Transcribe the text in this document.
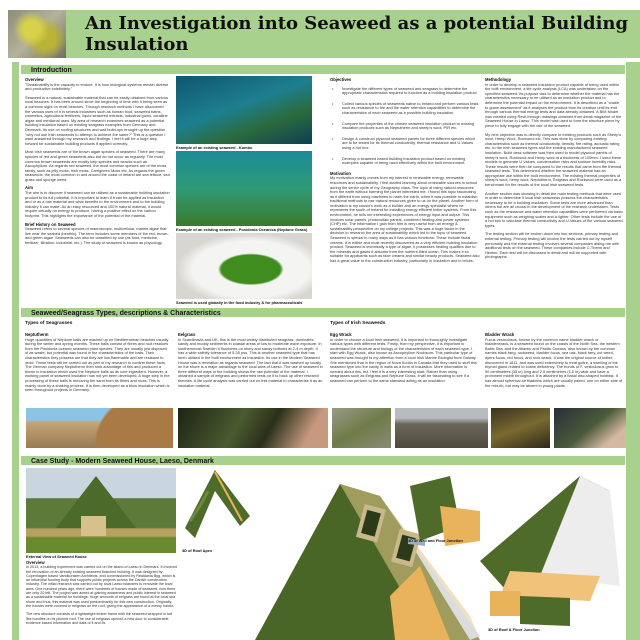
An Investigation into Seaweed as a potential Building Insulation
Introduction
Overview

"Sustainability is the capacity to endure. It is how biological systems remain diverse and productive indefinitely."

Seaweed is a natural, sustainable material that can be easily obtained from various local beaches. It has been around since the beginning of time with it being seen as a common sight on most beaches. Through research methods I have discovered the various uses of it in several industries such as human food, seaweed baths, cosmetics, agricultural fertilizers, liquid seaweed extracts, industrial gums, coralline algae and medicinal uses. My area of research examines seaweed as a potential building insulation based on existing seagrass examples from Germany and Denmark. Its use on roofing structures and wall build-ups brought up the question "why not use Irish seaweeds to attempt to achieve the same?" This is a question I want answered through my research and findings. I feel it will be a huge step forward for sustainable building products if applied correctly.

Most Irish seaweeds are of the brown algae species of seaweed. There are many species of red and green seaweeds also but do not occur as regularly. The most common brown seaweeds are mostly kelp species and wracks such as Ascophyllum. As regards red seaweed, the most common species are of the moss family, such as jelly moss, Irish moss, Carrigheen Moss etc. As regards the green seaweeds, the most common in and around the coast of Ireland are sea lettuce, sea grass and sponge weed.

Aim

The aim is to discover if seaweed can be utilised as a sustainable building insulation product to its full potential. It is important to learn if it can be applied as insulation and or as a raw material and what benefits to the environment and to the building industry it can make. As an easy resourced and 100% natural material, it would require virtually no energy to produce, having a positive effect on the carbon footprint. This highlights the importance of the potential of the material.

Brief History on Seaweed

Seaweed refers to several species of macroscopic, multicellular, marine algae that live near the seabed (benthic). The term includes some members of the red, brown, and green algae. Seaweeds can also be classified by use (as food, medicine, fertilizer, filtration, industrial, etc.). The study of seaweed is known as phycology.

Example of an existing seaweed - Kombu
Example of an existing seaweed - Posidonia Oceanica (Neptune Grass)
Seaweed is used globally in the food industry & for pharmaceuticals
Objectives
• Investigate the different types of seaweed and seagrass to determine the appropriate characteristics required to function as a building insulation product.
• Collect various species of seaweeds native to Ireland and perform various tests such as resistance to fire and the water retention capabilities to determine the characteristics of each seaweed as a possible building insulation.
• Compare the properties of the chosen seaweed insulation product to existing insulation products such as Neptutherm and sheep's wool, PIR etc.
• Design & construct plywood seaweed panels for three different species which are to be tested for its thermal conductivity, thermal resistance and U-Values using a hot box.
• Develop a seaweed based building insulation product based on existing examples capable of being used effectively within the built environment.
Motivation

My motivation mainly comes from my interest in renewable energy, renewable resources and sustainability. I first started learning about renewable sources in school during the senior cycle of my Geography class. The topic of using natural resources from the earth without harming the planet interested me. I found this topic fascinating as it differed from using machines to harm the earth, when it was possible to establish traditional methods to use natural resources given to us on the planet. Another form of motivation is my cousin's work as a builder and an energy specialist where he represents the south of Ireland for installing energy efficient boiler systems. From this environment, he tells me interesting experiences of energy input and output. This involves solar panels, photovoltaic panels, combined heating and power systems (CHP) etc. The information I gain from him is very useful from an energy & sustainability perspective on my college projects. This was a huge factor in the decision to research the area of sustainability which led to the topic of seaweed.

Seaweed is special in many ways as it has various functions. These include facial creams. It is edible and most recently discovered as a very efficient building insulation product. Seaweed is technically a type of algae, it possesses healing qualities due to the minerals and gases it absorbs from the nutrient-filled ocean. This makes it so suitable for applicants such as face creams and similar beauty products. Seaweed also has a great value to the construction industry, particularly in insulation and in bricks.

Methodology

In order to develop a seaweed insulation product capable of being used within the built environment, a life cycle analysis (LCA) was undertaken on the specified seaweed. Its purpose was to determine whether the material has the characteristics necessary to be utilised as an insulation product and to determine the potential impact on the environment. It is described as a "cradle to grave assessment" as it analyses the product from its creation until its end through various thermal energy tests and data already obtained. A BIM Model was created using Revit through drawings obtained from detail magazine of the Seaweed House in Laeso. This model was used to form the structure piece by piece to fully engage with the use of the seaweed.

My next objective was to directly compare to existing products such as Sheep's wool, Hemp Wool, Rockwool etc. This was done by comparing existing characteristics such as thermal conductivity, density, fire rating, acoustic rating etc. to the Irish seaweed types and the existing manufactured seaweed insulation. Build desk software was then used to model plywood panels of sheep's wool, Rockwool and Hemp wool at a thickness of 100mm. I used these models to generate U Values, condensation risks and surface humidity risks. These results were then be compared to the results that came from the thermal seaweed tests. This determined whether the seaweed material had an appropriate use within the built environment. The existing thermal properties of sheep's wool, hemp wool, Neptutherm, Eelgrass and Rockwool were used as a benchmark for the results of the local Irish seaweed tests.

Another section was showing in detail the main testing methods that were used in order to determine if local Irish seaweeds possess the characteristics necessary to be a building insulation. Some tests are more advanced than others but are all crucial in the development of the research undertaken. Tests such as the resistance and water retention capabilities were performed via basic equipment such as weighing scales and a lighter. Other tests include the use of a hot box to calculate thermal conductivity and U-Values of the various seaweed types.

The testing section will be broken down into two sections, primary testing and external testing. Primary testing will involve the tests carried out by myself personally and the external testing involves several companies aiding me with additional tests on the seaweed. These companies include C-Therm and Hentec. Each test will be discussed in detail and will be supported with photographs.

Seaweed/Seagrass Types, descriptions & Characteristics
Types of Seagrasses	Types of Irish Seaweeds
Neptutherm
Huge quantities of Neptune balls are washed up on Mediterranean beaches usually during the winter and spring months. These balls consist of fibres and root residues from the Posidonia oceanic seaweed plant species. They are usually just disposed of as waste, but potential was found in the characteristics of the balls. Their characteristics they possess are that they are low flammable and are resistant to mold. These tests will be carried out as part of my research to confirm these facts. The German company Neptutherm then took advantage of this and produced a blown in insulation which used the Neptune balls as its core ingredient. However, a working panel of seaweed insulation has not yet been developed. A huge step in the processing of these balls is removing the sand from its fibres and roots. This is mainly done by a shaking process. It is then developed as a blow insulation which is seen throughout projects in Germany.
Eelgrass
In Scandinavia and UK, this is the most widely distributed seagrass, dominates sandy and muddy sediments in coastal areas of low to moderate wave exposure. In southernmost Sweden it flourishes on stony and sandy bottoms at 2-4 m depth. It has a wide salinity tolerance of 5-35 psu. This is another seaweed type that has been utilised in the built environment as insulation. Its use in the Modern Seaweed House was a revelation as regards seaweed. The fact that it was washed up locally on the shore is a major advantage to the local area of Laeso. The use of seaweed in three different ways in the building shows the raw potential of the material. I obtained a sample of eelgrass and performed tests on it to back up other research theories. A life cycle analysis was carried out on this material to characterise it as an insulation material.
Egg Wrack
In order to choose a local Irish seaweed, it is important to thoroughly investigate various types with different tests. Firstly, from my perspective, it is important to understand the structure and biology of the characteristics of each seaweed type. I start with Egg Wrack, also known as Ascophyllum Nodosum. This particular type of seaweed was brought to my attention from a local Irish Marine Biologist from Galway. She mentioned that in the region of Nova Scotia in Canada that they used to stuff this seaweed type into the cavity in walls as a form of insulation. More information is needed about this, but I feel it is a very interesting start. Rather than using seagrasses such as Eelgrass and Neptune Grass, it will be fascinating to see if a seaweed can perform to the same standard acting as an insulation.
Bladder Wrack
Fucus vesiculosus, known by the common name bladder wrack or bladderwrack, is a seaweed found on the coasts of the North Sea, the western Baltic Sea, and the Atlantic and Pacific Oceans, also known by the common names black tang, rockweed, bladder fucus, sea oak, black tany, cut weed, dyers fucus, red fucus, and rock wrack. It was the original source of iodine, discovered in 1811, and was used extensively to treat goitre, a swelling of the thyroid gland related to iodine deficiency. The fronds of F. vesiculosus grow to 90 centimetres (35 in) long and 2.5 centimetres (1.0 in) wide and have a prominent midrib throughout. It is attached by a basal disc-shaped holdfast. It has almost spherical air bladders which are usually paired, one on either side of the mid-rib, but may be absent in young plants.
Case Study - Modern Seaweed House, Laeso, Denmark
External View of Seaweed House
Overview

In 2013, a building experiment was carried out on the island of Laeso in Denmark. It involved the renovation of an already existing seaweed thatched building. It was designed by Copenhagen based Vandkunsten Architects, and commissioned by Realdania Byg, which is an influential funding body that supports public projects across the Danish construction industry. The initial research was carried out by local Laeso islanders to renovate the local area. One hundred years ago, there were hundreds of houses made of seaweed, now there are only 20 left. The project was aimed at gaining awareness and public interest in seaweed as a sustainable material for buildings. Huge amounts of eelgrass are found at the local sea shore and thus, this material was used predominantly for this new construction. Originally, the houses were covered in eelgrass on the roof, giving the appearance of a messy hairdo.

The new structure consists of a lightweight timber frame with the seaweed wrapped in turf like bundles on its pitched roof. The use of eelgrass opened a new door to considerable evidence based information and data of it and its

3D of Roof Apex
3D of Wall and Floor Junction
3D of Roof & Floor Junction
